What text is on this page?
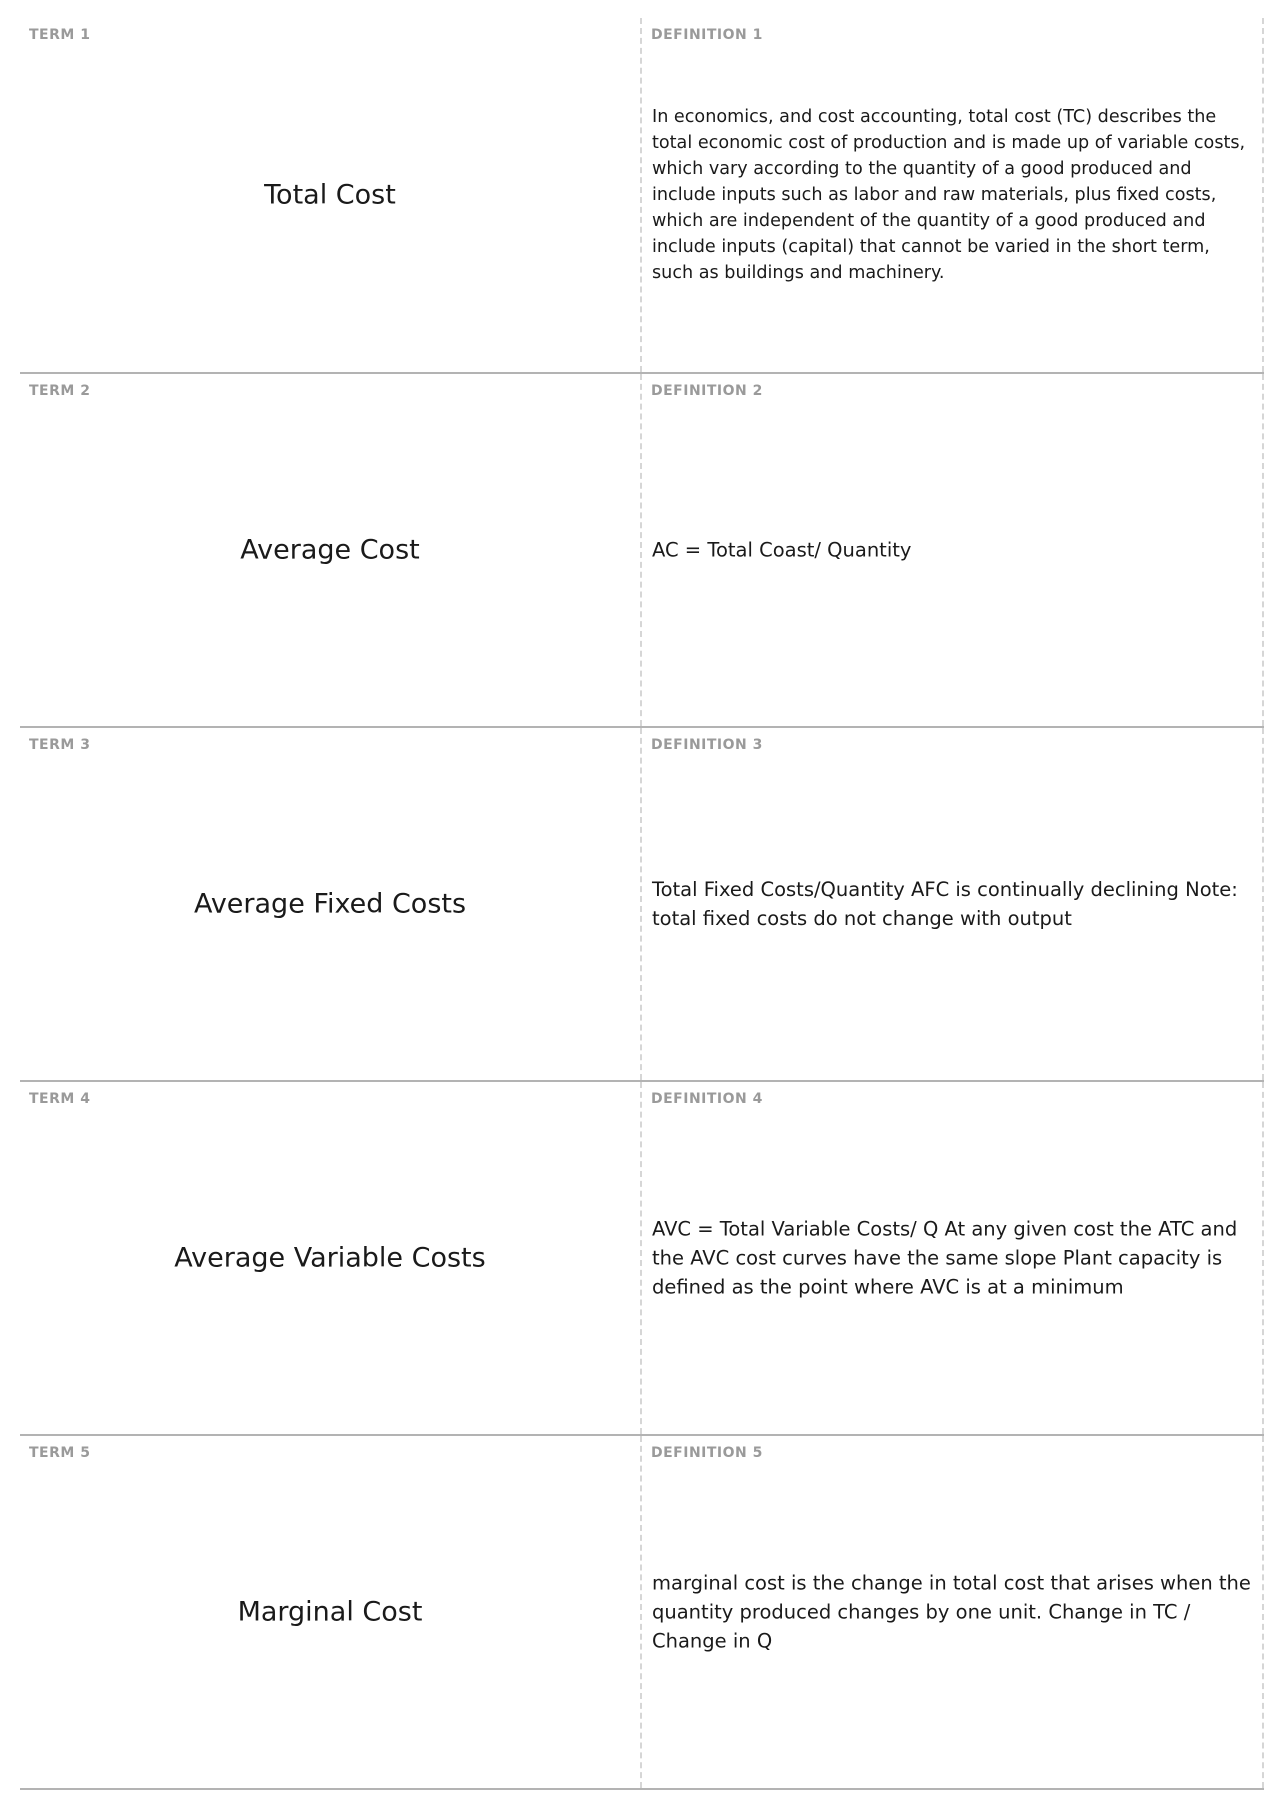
TERM 1
Total Cost
DEFINITION 1
In economics, and cost accounting, total cost (TC) describes the total economic cost of production and is made up of variable costs, which vary according to the quantity of a good produced and include inputs such as labor and raw materials, plus fixed costs, which are independent of the quantity of a good produced and include inputs (capital) that cannot be varied in the short term, such as buildings and machinery.
TERM 2
Average Cost
DEFINITION 2
AC = Total Coast/ Quantity
TERM 3
Average Fixed Costs
DEFINITION 3
Total Fixed Costs/Quantity AFC is continually declining Note: total fixed costs do not change with output
TERM 4
Average Variable Costs
DEFINITION 4
AVC = Total Variable Costs/ Q At any given cost the ATC and the AVC cost curves have the same slope Plant capacity is defined as the point where AVC is at a minimum
TERM 5
Marginal Cost
DEFINITION 5
marginal cost is the change in total cost that arises when the quantity produced changes by one unit. Change in TC / Change in Q
